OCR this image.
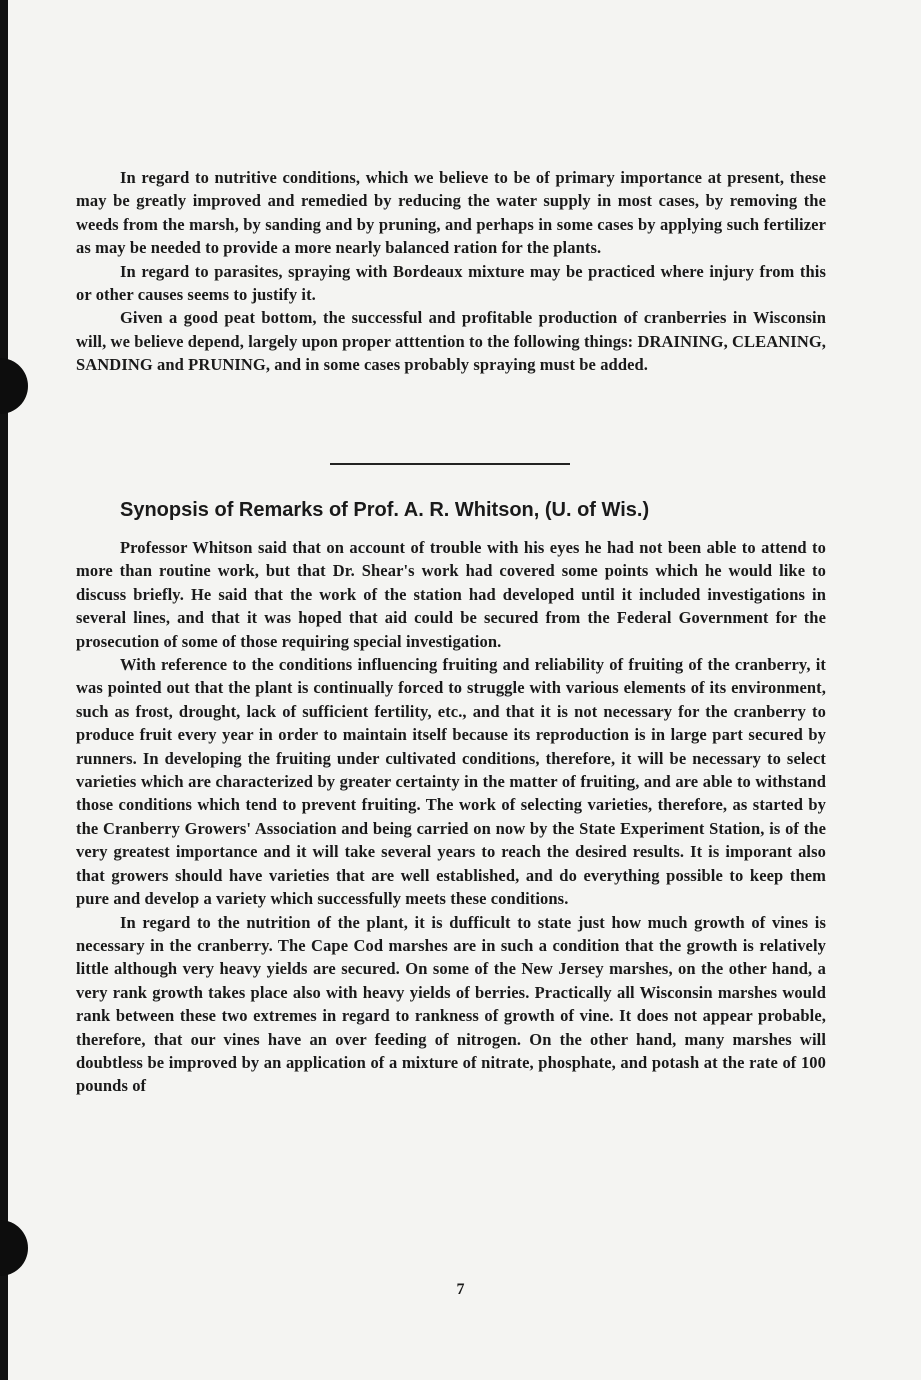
In regard to nutritive conditions, which we believe to be of primary importance at present, these may be greatly improved and remedied by reducing the water supply in most cases, by removing the weeds from the marsh, by sanding and by pruning, and perhaps in some cases by applying such fertilizer as may be needed to provide a more nearly balanced ration for the plants.

In regard to parasites, spraying with Bordeaux mixture may be practiced where injury from this or other causes seems to justify it.

Given a good peat bottom, the successful and profitable production of cranberries in Wisconsin will, we believe depend, largely upon proper atttention to the following things: DRAINING, CLEANING, SANDING and PRUNING, and in some cases probably spraying must be added.

Synopsis of Remarks of Prof. A. R. Whitson, (U. of Wis.)

Professor Whitson said that on account of trouble with his eyes he had not been able to attend to more than routine work, but that Dr. Shear's work had covered some points which he would like to discuss briefly. He said that the work of the station had developed until it included investigations in several lines, and that it was hoped that aid could be secured from the Federal Government for the prosecution of some of those requiring special investigation.

With reference to the conditions influencing fruiting and reliability of fruiting of the cranberry, it was pointed out that the plant is continually forced to struggle with various elements of its environment, such as frost, drought, lack of sufficient fertility, etc., and that it is not necessary for the cranberry to produce fruit every year in order to maintain itself because its reproduction is in large part secured by runners. In developing the fruiting under cultivated conditions, therefore, it will be necessary to select varieties which are characterized by greater certainty in the matter of fruiting, and are able to withstand those conditions which tend to prevent fruiting. The work of selecting varieties, therefore, as started by the Cranberry Growers' Association and being carried on now by the State Experiment Station, is of the very greatest importance and it will take several years to reach the desired results. It is imporant also that growers should have varieties that are well established, and do everything possible to keep them pure and develop a variety which successfully meets these conditions.

In regard to the nutrition of the plant, it is dufficult to state just how much growth of vines is necessary in the cranberry. The Cape Cod marshes are in such a condition that the growth is relatively little although very heavy yields are secured. On some of the New Jersey marshes, on the other hand, a very rank growth takes place also with heavy yields of berries. Practically all Wisconsin marshes would rank between these two extremes in regard to rankness of growth of vine. It does not appear probable, therefore, that our vines have an over feeding of nitrogen. On the other hand, many marshes will doubtless be improved by an application of a mixture of nitrate, phosphate, and potash at the rate of 100 pounds of

7
